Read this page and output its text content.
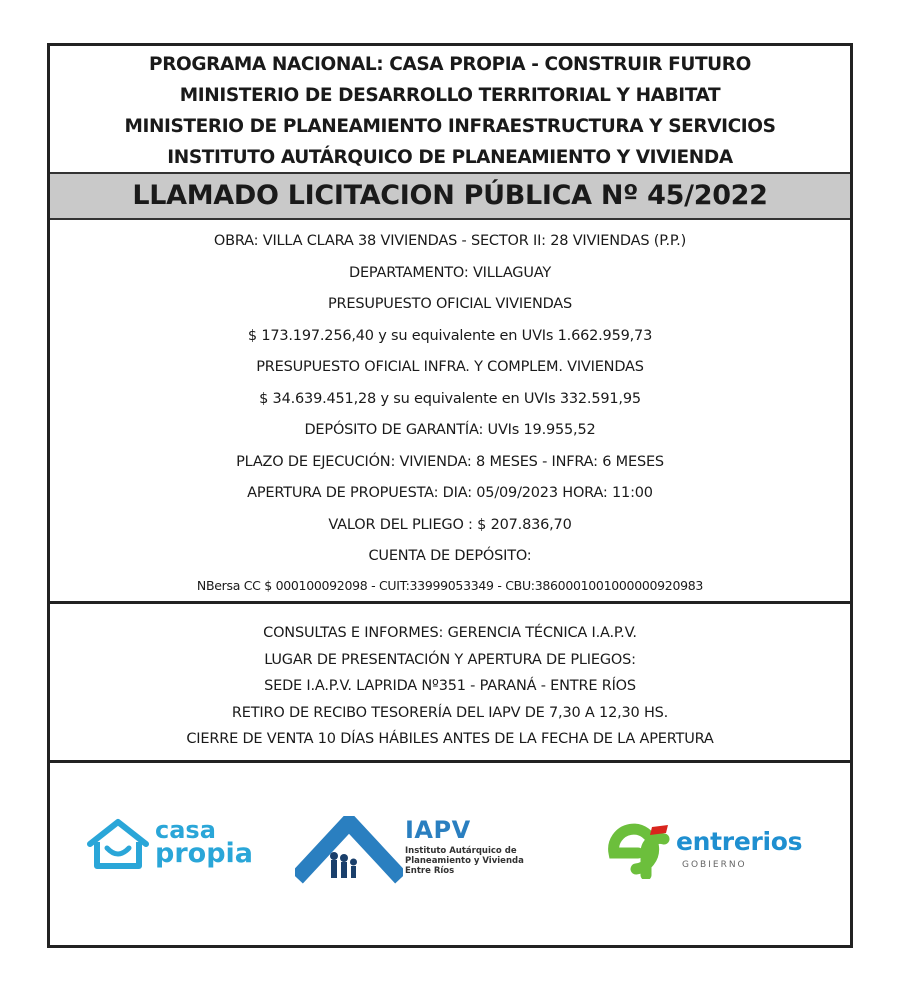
PROGRAMA NACIONAL: CASA PROPIA - CONSTRUIR FUTURO
MINISTERIO DE DESARROLLO TERRITORIAL Y HABITAT
MINISTERIO DE PLANEAMIENTO INFRAESTRUCTURA Y SERVICIOS
INSTITUTO AUTÁRQUICO DE PLANEAMIENTO Y VIVIENDA
LLAMADO LICITACION PÚBLICA Nº 45/2022
OBRA: VILLA CLARA 38 VIVIENDAS - SECTOR II: 28 VIVIENDAS (P.P.)
DEPARTAMENTO: VILLAGUAY
PRESUPUESTO OFICIAL VIVIENDAS
$ 173.197.256,40 y su equivalente en UVIs 1.662.959,73
PRESUPUESTO OFICIAL INFRA. Y COMPLEM. VIVIENDAS
$ 34.639.451,28 y su equivalente en UVIs 332.591,95
DEPÓSITO DE GARANTÍA: UVIs 19.955,52
PLAZO DE EJECUCIÓN: VIVIENDA: 8 MESES - INFRA: 6 MESES
APERTURA DE PROPUESTA: DIA: 05/09/2023 HORA: 11:00
VALOR DEL PLIEGO : $ 207.836,70
CUENTA DE DEPÓSITO:
NBersa CC $ 000100092098 - CUIT:33999053349 - CBU:3860001001000000920983
CONSULTAS E INFORMES: GERENCIA TÉCNICA I.A.P.V.
LUGAR DE PRESENTACIÓN Y APERTURA DE PLIEGOS:
SEDE I.A.P.V. LAPRIDA Nº351 - PARANÁ - ENTRE RÍOS
RETIRO DE RECIBO TESORERÍA DEL IAPV DE 7,30 A 12,30 HS.
CIERRE DE VENTA 10 DÍAS HÁBILES ANTES DE LA FECHA DE LA APERTURA
casa
propia
IAPV
Instituto Autárquico de
Planeamiento y Vivienda
Entre Ríos
entrerios
GOBIERNO
